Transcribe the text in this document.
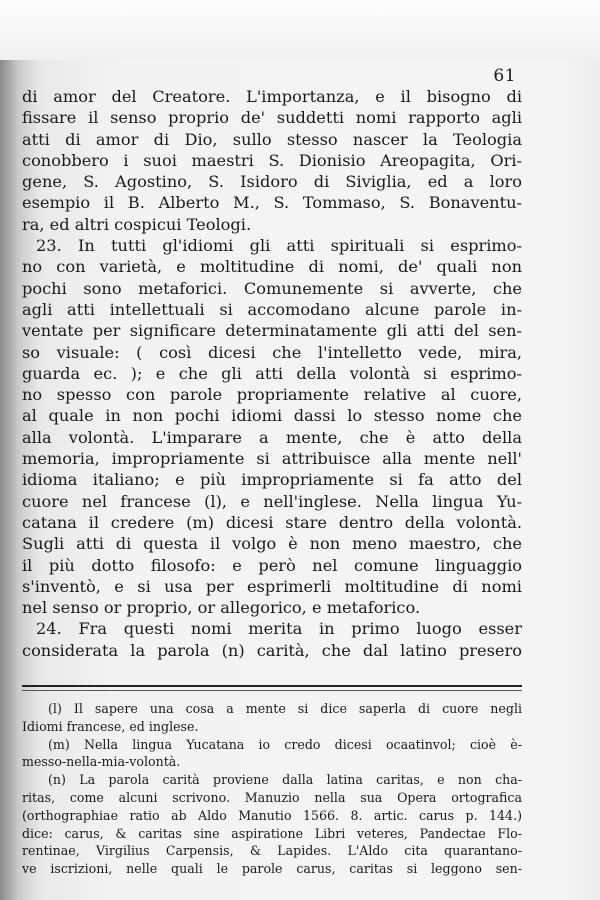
61
di amor del Creatore. L'importanza, e il bisogno di
fissare il senso proprio de' suddetti nomi rapporto agli
atti di amor di Dio, sullo stesso nascer la Teologia
conobbero i suoi maestri S. Dionisio Areopagita, Ori-
gene, S. Agostino, S. Isidoro di Siviglia, ed a loro
esempio il B. Alberto M., S. Tommaso, S. Bonaventu-
ra, ed altri cospicui Teologi.
23. In tutti gl'idiomi gli atti spirituali si esprimo-
no con varietà, e moltitudine di nomi, de' quali non
pochi sono metaforici. Comunemente si avverte, che
agli atti intellettuali si accomodano alcune parole in-
ventate per significare determinatamente gli atti del sen-
so visuale: ( così dicesi che l'intelletto vede, mira,
guarda ec. ); e che gli atti della volontà si esprimo-
no spesso con parole propriamente relative al cuore,
al quale in non pochi idiomi dassi lo stesso nome che
alla volontà. L'imparare a mente, che è atto della
memoria, impropriamente si attribuisce alla mente nell'
idioma italiano; e più impropriamente si fa atto del
cuore nel francese (l), e nell'inglese. Nella lingua Yu-
catana il credere (m) dicesi stare dentro della volontà.
Sugli atti di questa il volgo è non meno maestro, che
il più dotto filosofo: e però nel comune linguaggio
s'inventò, e si usa per esprimerli moltitudine di nomi
nel senso or proprio, or allegorico, e metaforico.
24. Fra questi nomi merita in primo luogo esser
considerata la parola (n) carità, che dal latino presero
(l) Il sapere una cosa a mente si dice saperla di cuore negli
Idiomi francese, ed inglese.
(m) Nella lingua Yucatana io credo dicesi ocaatinvol; cioè è-
messo-nella-mia-volontà.
(n) La parola carità proviene dalla latina caritas, e non cha-
ritas, come alcuni scrivono. Manuzio nella sua Opera ortografica
(orthographiae ratio ab Aldo Manutio 1566. 8. artic. carus p. 144.)
dice: carus, & caritas sine aspiratione Libri veteres, Pandectae Flo-
rentinae, Virgilius Carpensis, & Lapides. L'Aldo cita quarantano-
ve iscrizioni, nelle quali le parole carus, caritas si leggono sen-
